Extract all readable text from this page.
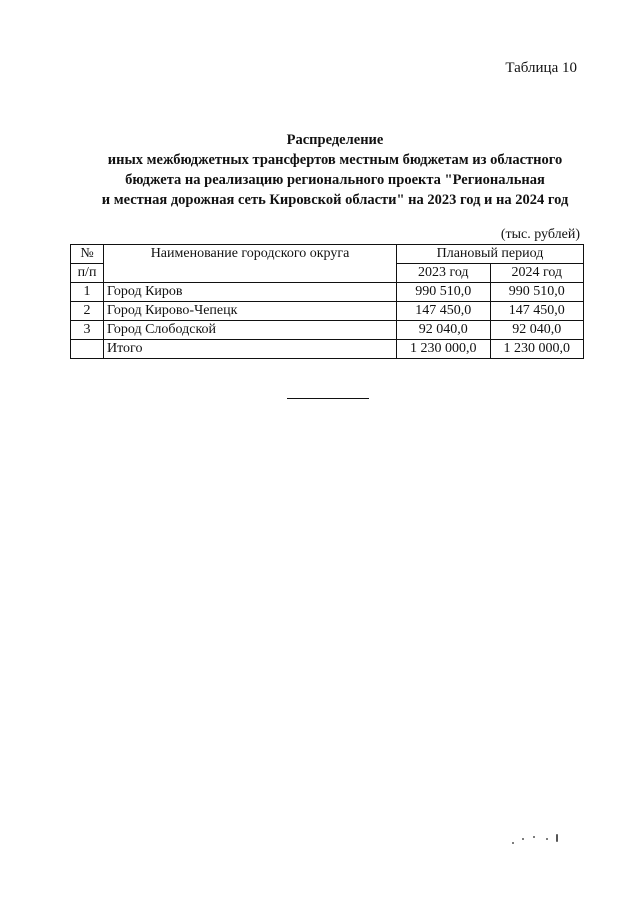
Таблица 10
Распределение
иных межбюджетных трансфертов местным бюджетам из областного
бюджета на реализацию регионального проекта "Региональная
и местная дорожная сеть Кировской области" на 2023 год и на 2024 год
(тыс. рублей)
№	Наименование городского округа	Плановый период	
п/п		2023 год	2024 год
1	Город Киров	990 510,0	990 510,0
2	Город Кирово-Чепецк	147 450,0	147 450,0
3	Город Слободской	92 040,0	92 040,0
	Итого	1 230 000,0	1 230 000,0
